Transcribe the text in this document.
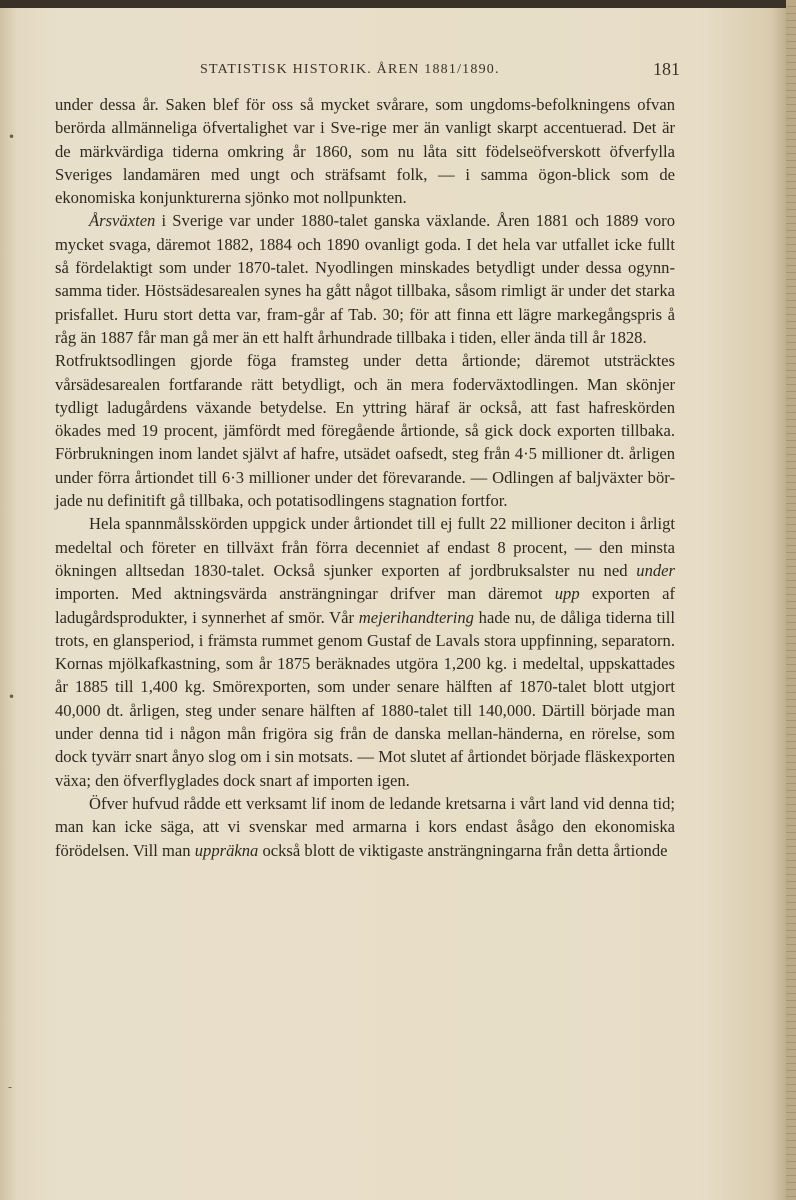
STATISTISK HISTORIK. ÅREN 1881/1890.	181
•
•
-

under dessa år. Saken blef för oss så mycket svårare, som ungdoms-befolkningens ofvan berörda allmänneliga öfvertalighet var i Sve-rige mer än vanligt skarpt accentuerad. Det är de märkvärdiga tiderna omkring år 1860, som nu låta sitt födelseöfverskott öfverfylla Sveriges landamären med ungt och sträfsamt folk, — i samma ögon-blick som de ekonomiska konjunkturerna sjönko mot nollpunkten.

Årsväxten i Sverige var under 1880-talet ganska växlande. Åren 1881 och 1889 voro mycket svaga, däremot 1882, 1884 och 1890 ovanligt goda. I det hela var utfallet icke fullt så fördelaktigt som under 1870-talet. Nyodlingen minskades betydligt under dessa ogynn-samma tider. Höstsädesarealen synes ha gått något tillbaka, såsom rimligt är under det starka prisfallet. Huru stort detta var, fram-går af Tab. 30; för att finna ett lägre markegångspris å råg än 1887 får man gå mer än ett halft århundrade tillbaka i tiden, eller ända till år 1828.

Rotfruktsodlingen gjorde föga framsteg under detta årtionde; däremot utsträcktes vårsädesarealen fortfarande rätt betydligt, och än mera foderväxtodlingen. Man skönjer tydligt ladugårdens växande betydelse. En yttring häraf är också, att fast hafreskörden ökades med 19 procent, jämfördt med föregående årtionde, så gick dock exporten tillbaka. Förbrukningen inom landet självt af hafre, utsädet oafsedt, steg från 4·5 millioner dt. årligen under förra årtiondet till 6·3 millioner under det förevarande. — Odlingen af baljväxter bör-jade nu definitift gå tillbaka, och potatisodlingens stagnation fortfor.

Hela spannmålsskörden uppgick under årtiondet till ej fullt 22 millioner deciton i årligt medeltal och företer en tillväxt från förra decenniet af endast 8 procent, — den minsta ökningen alltsedan 1830-talet. Också sjunker exporten af jordbruksalster nu ned under importen. Med aktningsvärda ansträngningar drifver man däremot upp exporten af ladugårdsprodukter, i synnerhet af smör. Vår mejerihandtering hade nu, de dåliga tiderna till trots, en glansperiod, i främsta rummet genom Gustaf de Lavals stora uppfinning, separatorn. Kornas mjölkafkastning, som år 1875 beräknades utgöra 1,200 kg. i medeltal, uppskattades år 1885 till 1,400 kg. Smörexporten, som under senare hälften af 1870-talet blott utgjort 40,000 dt. årligen, steg under senare hälften af 1880-talet till 140,000. Därtill började man under denna tid i någon mån frigöra sig från de danska mellan-händerna, en rörelse, som dock tyvärr snart ånyo slog om i sin motsats. — Mot slutet af årtiondet började fläskexporten växa; den öfverflyglades dock snart af importen igen.

Öfver hufvud rådde ett verksamt lif inom de ledande kretsarna i vårt land vid denna tid; man kan icke säga, att vi svenskar med armarna i kors endast åsågo den ekonomiska förödelsen. Vill man uppräkna också blott de viktigaste ansträngningarna från detta årtionde
